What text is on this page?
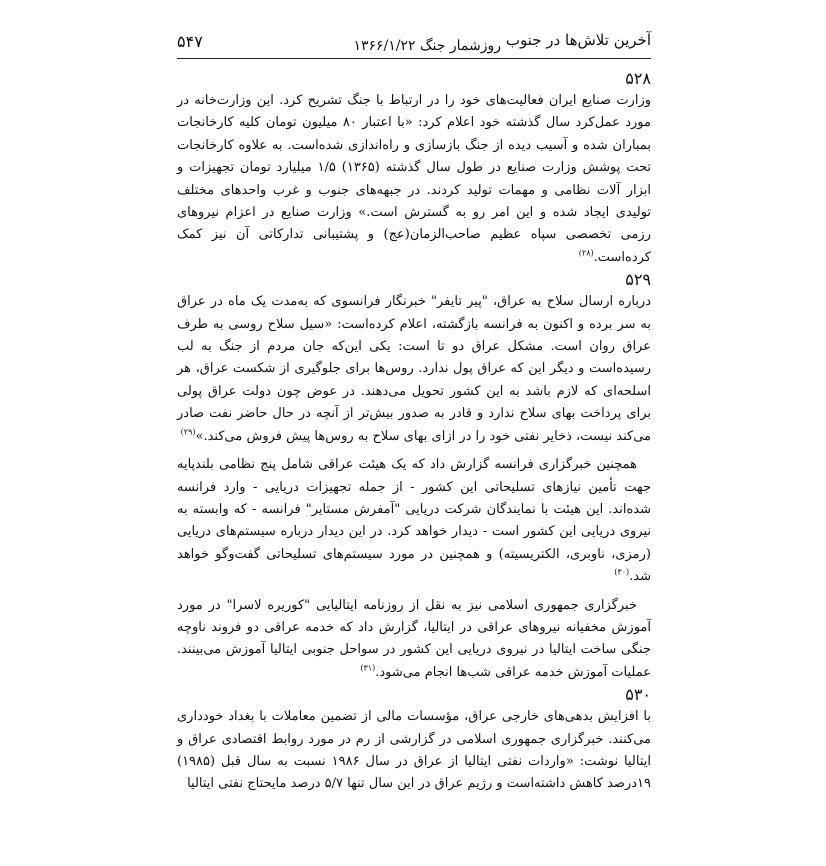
آخرین تلاش‌ها در جنوب
روزشمار جنگ ۱۳۶۶/۱/۲۲
۵۴۷
۵۲۸

وزارت صنایع ایران فعالیت‌های خود را در ارتباط با جنگ تشریح کرد. این وزارت‌خانه در مورد عمل‌کرد سال گذشته خود اعلام کرد: «با اعتبار ۸۰ میلیون تومان کلیه کارخانجات بمباران شده و آسیب دیده از جنگ بازسازی و راه‌اندازی شده‌است. به علاوه کارخانجات تحت پوشش وزارت صنایع در طول سال گذشته (۱۳۶۵) ۱/۵ میلیارد تومان تجهیزات و ابزار آلات نظامی و مهمات تولید کردند. در جبهه‌های جنوب و غرب واحدهای مختلف تولیدی ایجاد شده و این امر رو به گسترش است.» وزارت صنایع در اعزام نیروهای رزمی تخصصی سپاه عظیم صاحب‌الزمان(عج) و پشتیبانی تدارکاتی آن نیز کمک کرده‌است.$^{(۲۸)}$

۵۲۹

درباره ارسال سلاح به عراق، "پیر تایفر" خبرنگار فرانسوی که به‌مدت یک ماه در عراق به سر برده و اکنون به فرانسه بازگشته، اعلام کرده‌است: «سیل سلاح روسی به طرف عراق روان است. مشکل عراق دو تا است: یکی این‌که جان مردم از جنگ به لب رسیده‌است و دیگر این که عراق پول ندارد. روس‌ها برای جلوگیری از شکست عراق، هر اسلحه‌ای که لازم باشد به این کشور تحویل می‌دهند. در عوض چون دولت عراق پولی برای پرداخت بهای سلاح ندارد و قادر به صدور بیش‌تر از آنچه در حال حاضر نفت صادر می‌کند نیست، ذخایر نفتی خود را در ازای بهای سلاح به روس‌ها پیش فروش می‌کند.»$^{(۲۹)}$

همچنین خبرگزاری فرانسه گزارش داد که یک هیئت عراقی شامل پنج نظامی بلندپایه جهت تأمین نیازهای تسلیحاتی این کشور - از جمله تجهیزات دریایی - وارد فرانسه شده‌اند. این هیئت با نمایندگان شرکت دریایی "آمفرش مستایر" فرانسه - که وابسته به نیروی دریایی این کشور است - دیدار خواهد کرد. در این دیدار درباره سیستم‌های دریایی (رمزی، ناوبری، الکتریسیته) و همچنین در مورد سیستم‌های تسلیحاتی گفت‌وگو خواهد شد.$^{(۳۰)}$

خبرگزاری جمهوری اسلامی نیز به نقل از روزنامه ایتالیایی "کوریره لاسرا" در مورد آموزش مخفیانه نیروهای عراقی در ایتالیا، گزارش داد که خدمه عراقی دو فروند ناوچه جنگی ساخت ایتالیا در نیروی دریایی این کشور در سواحل جنوبی ایتالیا آموزش می‌بینند. عملیات آموزش خدمه عراقی شب‌ها انجام می‌شود.$^{(۳۱)}$

۵۳۰

با افزایش بدهی‌های خارجی عراق، مؤسسات مالی از تضمین معاملات با بغداد خودداری می‌کنند. خبرگزاری جمهوری اسلامی در گزارشی از رم در مورد روابط اقتصادی عراق و ایتالیا نوشت: «واردات نفتی ایتالیا از عراق در سال ۱۹۸۶ نسبت به سال قبل (۱۹۸۵) ۱۹درصد کاهش داشته‌است و رژیم عراق در این سال تنها ۵/۷ درصد مایحتاج نفتی ایتالیا
